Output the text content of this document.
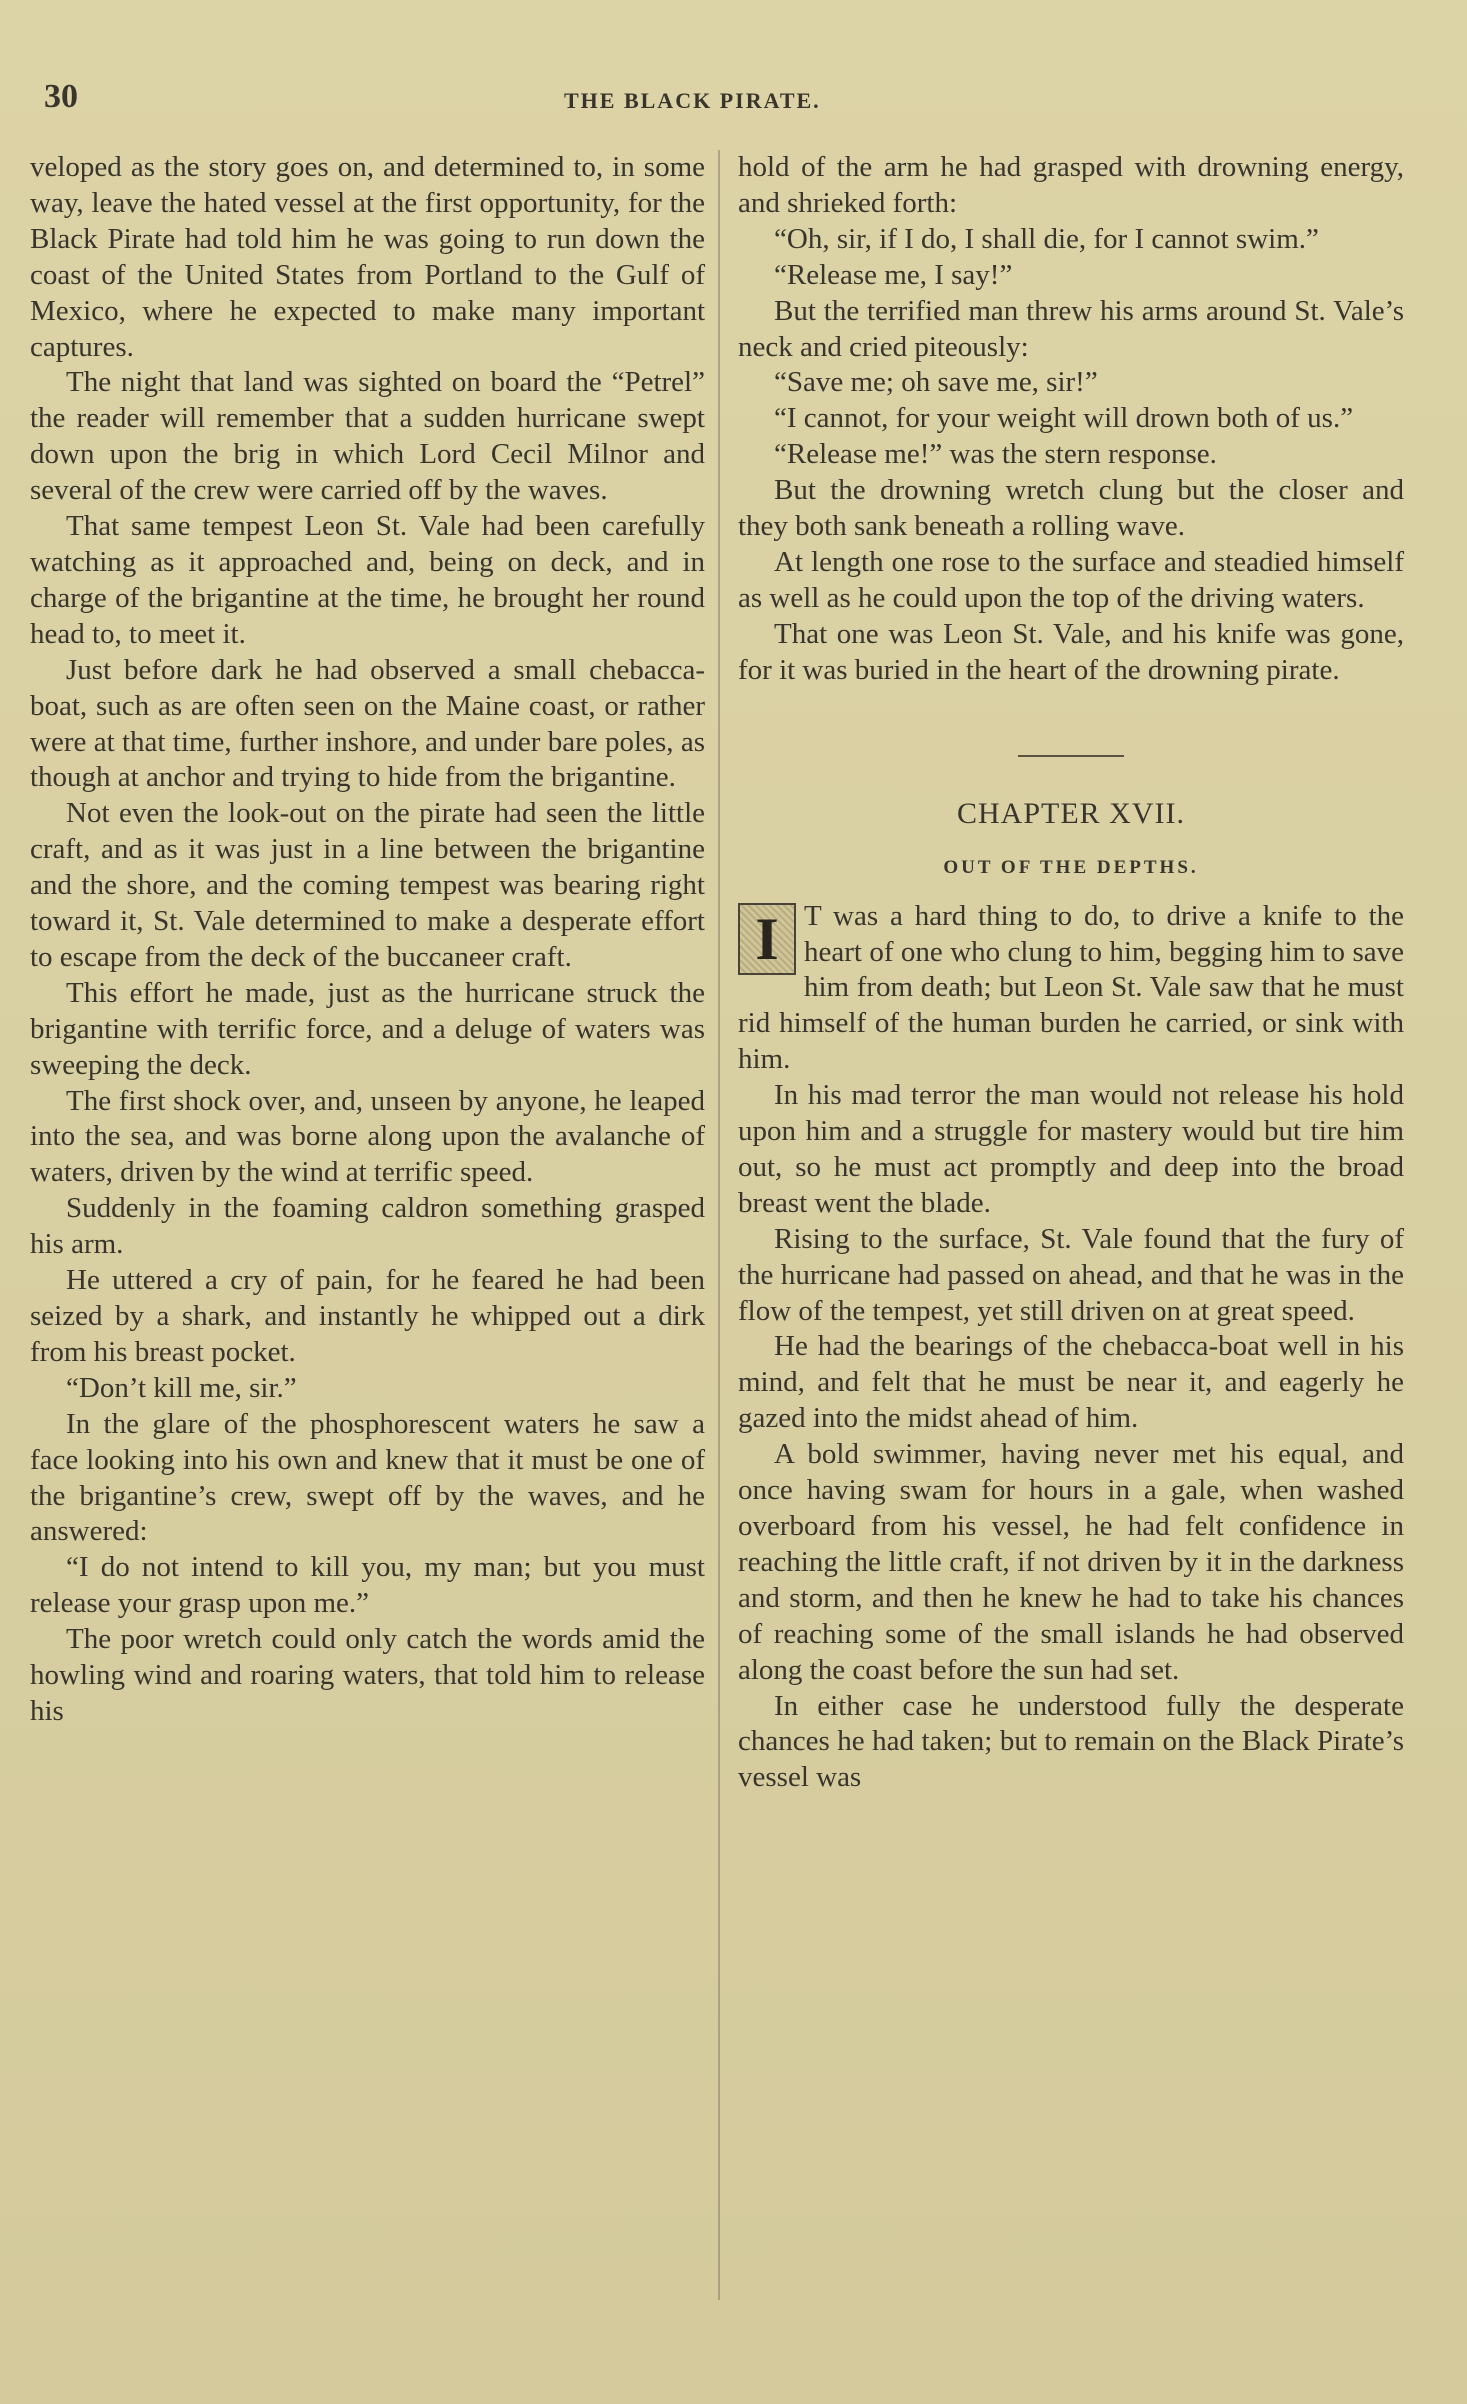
30	THE BLACK PIRATE.

veloped as the story goes on, and determined to, in some way, leave the hated vessel at the first opportunity, for the Black Pirate had told him he was going to run down the coast of the United States from Portland to the Gulf of Mexico, where he expected to make many important captures.

The night that land was sighted on board the “Petrel” the reader will remember that a sudden hurricane swept down upon the brig in which Lord Cecil Milnor and several of the crew were carried off by the waves.

That same tempest Leon St. Vale had been carefully watching as it approached and, being on deck, and in charge of the brigantine at the time, he brought her round head to, to meet it.

Just before dark he had observed a small chebacca-boat, such as are often seen on the Maine coast, or rather were at that time, further inshore, and under bare poles, as though at anchor and trying to hide from the brigantine.

Not even the look-out on the pirate had seen the little craft, and as it was just in a line between the brigantine and the shore, and the coming tempest was bearing right toward it, St. Vale determined to make a desperate effort to escape from the deck of the buccaneer craft.

This effort he made, just as the hurricane struck the brigantine with terrific force, and a deluge of waters was sweeping the deck.

The first shock over, and, unseen by anyone, he leaped into the sea, and was borne along upon the avalanche of waters, driven by the wind at terrific speed.

Suddenly in the foaming caldron something grasped his arm.

He uttered a cry of pain, for he feared he had been seized by a shark, and instantly he whipped out a dirk from his breast pocket.

“Don’t kill me, sir.”

In the glare of the phosphorescent waters he saw a face looking into his own and knew that it must be one of the brigantine’s crew, swept off by the waves, and he answered:

“I do not intend to kill you, my man; but you must release your grasp upon me.”

The poor wretch could only catch the words amid the howling wind and roaring waters, that told him to release his

hold of the arm he had grasped with drowning energy, and shrieked forth:

“Oh, sir, if I do, I shall die, for I cannot swim.”

“Release me, I say!”

But the terrified man threw his arms around St. Vale’s neck and cried piteously:

“Save me; oh save me, sir!”

“I cannot, for your weight will drown both of us.”

“Release me!” was the stern response.

But the drowning wretch clung but the closer and they both sank beneath a rolling wave.

At length one rose to the surface and steadied himself as well as he could upon the top of the driving waters.

That one was Leon St. Vale, and his knife was gone, for it was buried in the heart of the drowning pirate.

CHAPTER XVII.
OUT OF THE DEPTHS.

I T was a hard thing to do, to drive a knife to the heart of one who clung to him, begging him to save him from death; but Leon St. Vale saw that he must rid himself of the human burden he carried, or sink with him.

In his mad terror the man would not release his hold upon him and a struggle for mastery would but tire him out, so he must act promptly and deep into the broad breast went the blade.

Rising to the surface, St. Vale found that the fury of the hurricane had passed on ahead, and that he was in the flow of the tempest, yet still driven on at great speed.

He had the bearings of the chebacca-boat well in his mind, and felt that he must be near it, and eagerly he gazed into the midst ahead of him.

A bold swimmer, having never met his equal, and once having swam for hours in a gale, when washed overboard from his vessel, he had felt confidence in reaching the little craft, if not driven by it in the darkness and storm, and then he knew he had to take his chances of reaching some of the small islands he had observed along the coast before the sun had set.

In either case he understood fully the desperate chances he had taken; but to remain on the Black Pirate’s vessel was
